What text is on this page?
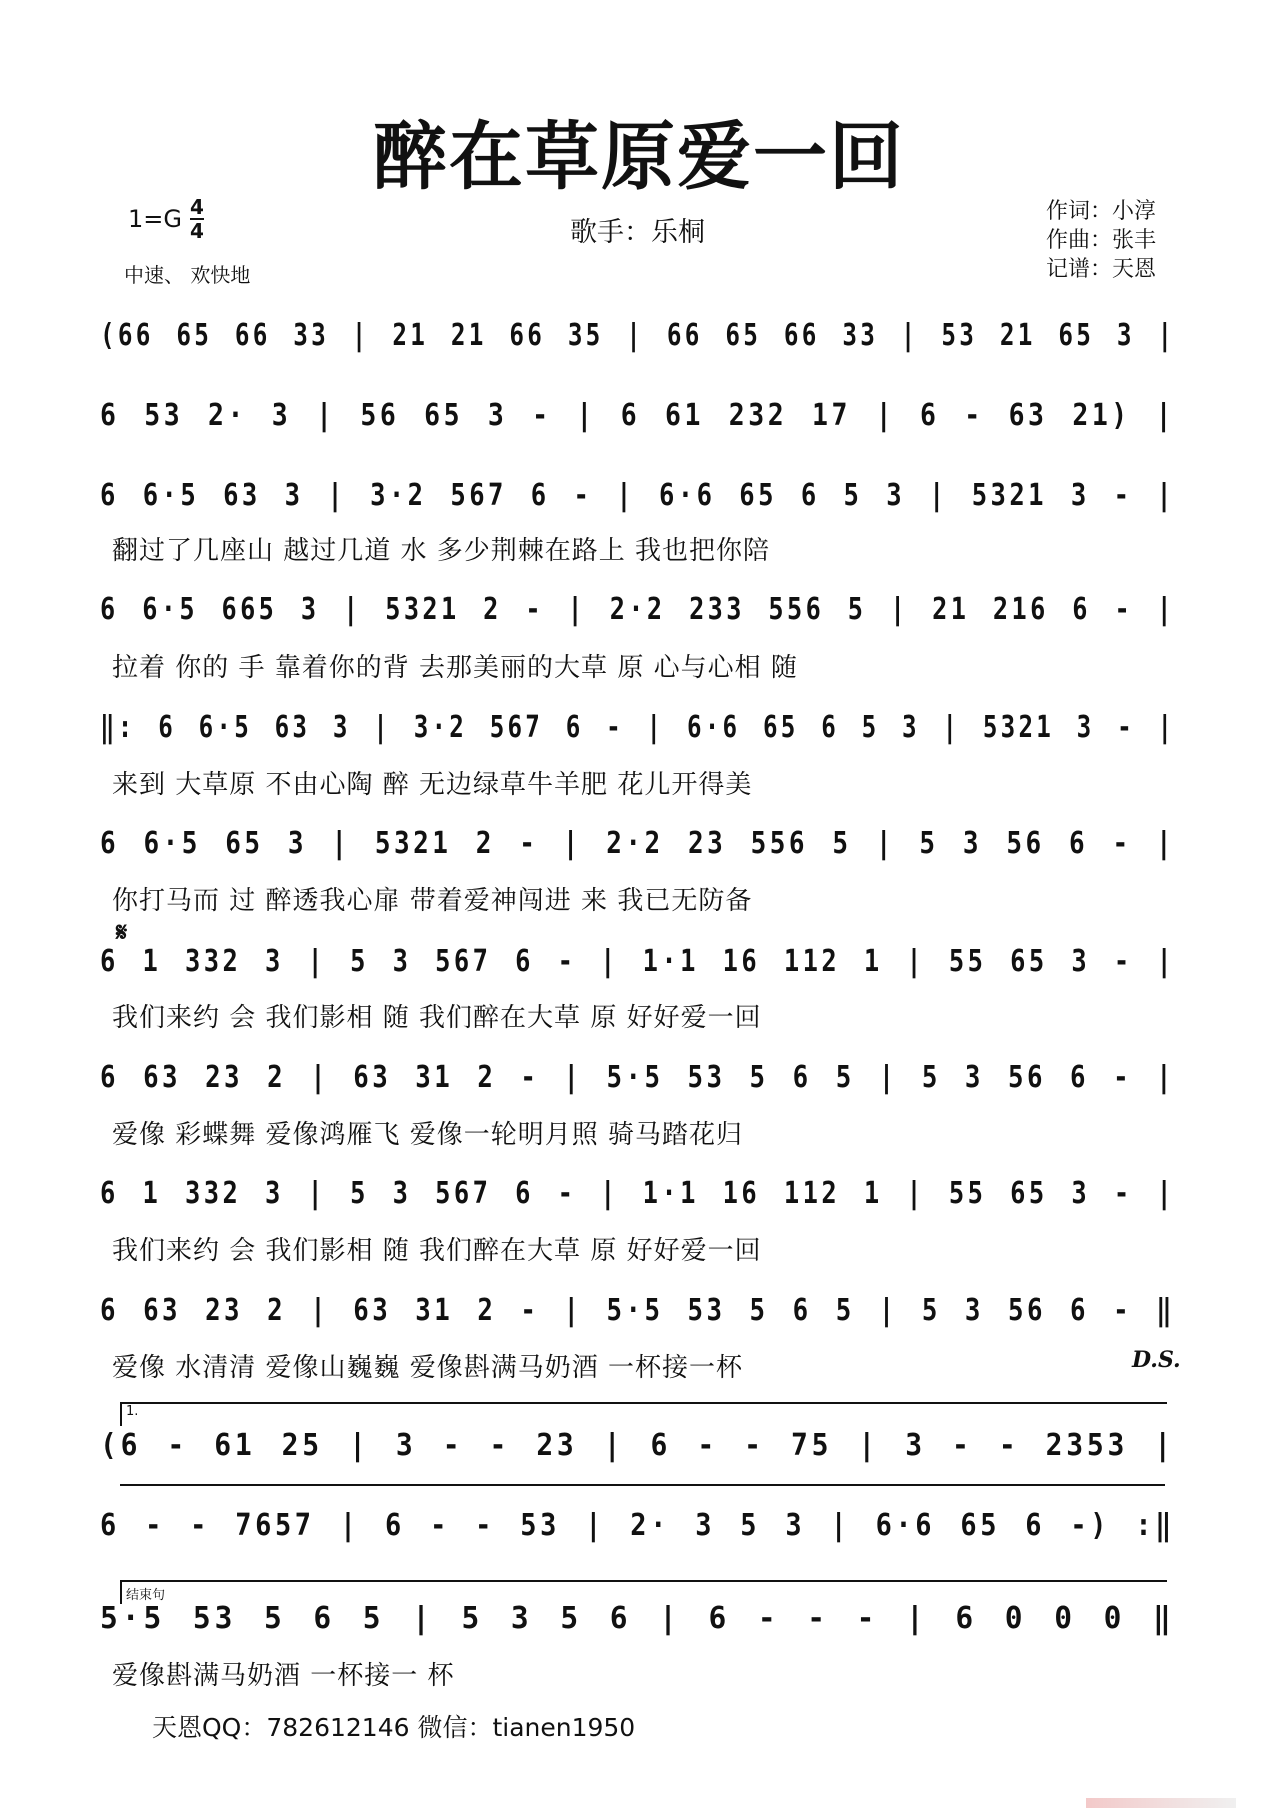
醉在草原爱一回
$1=G \frac{4}{4}$
中速、 欢快地
歌手：乐桐
作词：小淳
作曲：张丰
记谱：天恩
(66 65 66 33 | 21 21 66 35 | 66 65 66 33 | 53 21 65 3 |
6 53 2· 3 | 56 65 3 - | 6 61 232 17 | 6 - 63 21) |
6 6·5 63 3 | 3·2 567 6 - | 6·6 65 6 5 3 | 5321 3 - |
翻过了几座山 越过几道 水 多少荆棘在路上 我也把你陪
6 6·5 665 3 | 5321 2 - | 2·2 233 556 5 | 21 216 6 - |
拉着 你的 手 靠着你的背 去那美丽的大草 原 心与心相 随
‖: 6 6·5 63 3 | 3·2 567 6 - | 6·6 65 6 5 3 | 5321 3 - |
来到 大草原 不由心陶 醉 无边绿草牛羊肥 花儿开得美
6 6·5 65 3 | 5321 2 - | 2·2 23 556 5 | 5 3 56 6 - |
你打马而 过 醉透我心扉 带着爱神闯进 来 我已无防备
𝄋
6 1 332 3 | 5 3 567 6 - | 1·1 16 112 1 | 55 65 3 - |
我们来约 会 我们影相 随 我们醉在大草 原 好好爱一回
6 63 23 2 | 63 31 2 - | 5·5 53 5 6 5 | 5 3 56 6 - |
爱像 彩蝶舞 爱像鸿雁飞 爱像一轮明月照 骑马踏花归
6 1 332 3 | 5 3 567 6 - | 1·1 16 112 1 | 55 65 3 - |
我们来约 会 我们影相 随 我们醉在大草 原 好好爱一回
6 63 23 2 | 63 31 2 - | 5·5 53 5 6 5 | 5 3 56 6 - ‖
爱像 水清清 爱像山巍巍 爱像斟满马奶酒 一杯接一杯	D.S.
1.
(6 - 61 25 | 3 - - 23 | 6 - - 75 | 3 - - 2353 |
6 - - 7657 | 6 - - 53 | 2· 3 5 3 | 6·6 65 6 -) :‖
结束句
5·5 53 5 6 5 | 5 3 5 6 | 6 - - - | 6 0 0 0 ‖
爱像斟满马奶酒 一杯接一 杯
天恩QQ：782612146 微信：tianen1950
